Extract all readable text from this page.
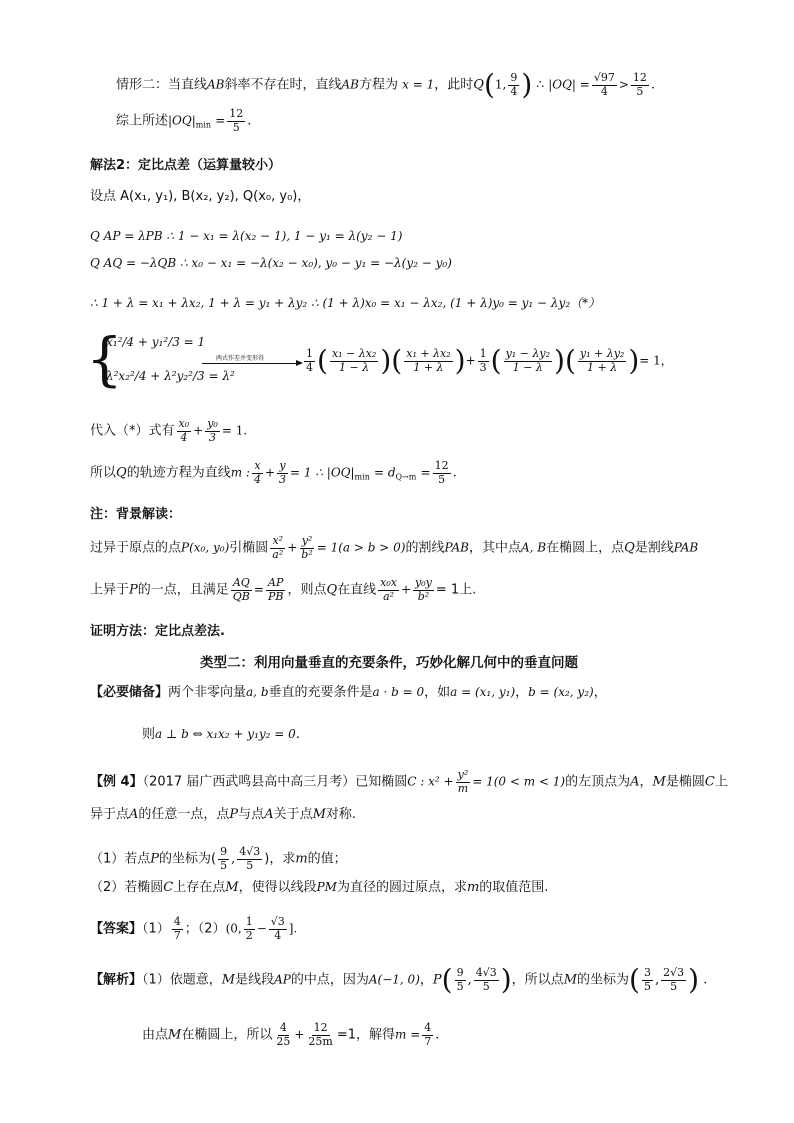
情形二：当直线AB斜率不存在时，直线AB方程为 x = 1，此时Q(1, $\frac{9}{4}$ ) ∴ $|OQ| = \frac{√97}{4} > \frac{12}{5}$ .
综上所述$|OQ|_{min} = \frac{12}{5}$ .
解法2：定比点差（运算量较小）
设点 A(x₁, y₁), B(x₂, y₂), Q(x₀, y₀)，
Q AP = λPB ∴ 1 − x₁ = λ(x₂ − 1), 1 − y₁ = λ(y₂ − 1)
Q AQ = −λQB ∴ x₀ − x₁ = −λ(x₂ − x₀), y₀ − y₁ = −λ(y₂ − y₀)
∴ 1 + λ = x₁ + λx₂, 1 + λ = y₁ + λy₂ ∴ (1 + λ)x₀ = x₁ − λx₂, (1 + λ)y₀ = y₁ − λy₂（*）
{
x₁²/4 + y₁²/3 = 1
λ²x₂²/4 + λ²y₂²/3 = λ²
两式作差并变形得	$\frac{1}{4}$ ( $\frac{\text{x₁ − λx₂}}{1 - \lambda}$ )( $\frac{\text{x₁ + λx₂}}{1 + \lambda}$ )+ $\frac{1}{3}$ ( $\frac{\text{y₁ − λy₂}}{1 - \lambda}$ )( $\frac{\text{y₁ + λy₂}}{1 + \lambda}$ )= 1，
代入（*）式有 $\frac{\text{x₀}}{4} + \frac{\text{y₀}}{3} = 1$.
所以Q的轨迹方程为直线m : $\frac{x}{4} + \frac{y}{3} = 1$ ∴ $|OQ|_{min} = d_{Q\to m} = \frac{12}{5}$ .
注：背景解读：
过异于原点的点P(x₀, y₀)引椭圆 $\frac{\text{x²}}{\text{a²}} + \frac{\text{y²}}{\text{b²}} = 1(a > b > 0)$的割线PAB，其中点A, B在椭圆上，点Q是割线PAB
上异于P的一点，且满足 $\frac{AQ}{QB} = \frac{AP}{PB}$ ，则点Q在直线 $\frac{\text{x₀x}}{\text{a²}} + \frac{\text{y₀y}}{\text{b²}} = 1$上.
证明方法：定比点差法.
类型二：利用向量垂直的充要条件，巧妙化解几何中的垂直问题
【必要储备】两个非零向量a, b垂直的充要条件是a · b = 0，如a = (x₁, y₁)，b = (x₂, y₂)，
则a ⊥ b ⇔ x₁x₂ + y₁y₂ = 0.
【例 4】（2017 届广西武鸣县高中高三月考）已知椭圆C : $x^2 + \frac{\text{y²}}{m} = 1(0 < m < 1)$的左顶点为A，M是椭圆C上
异于点A的任意一点，点P与点A关于点M对称.
（1）若点P的坐标为( $\frac{9}{5}$ , $\frac{4√3}{5}$ )，求m的值；
（2）若椭圆C上存在点M，使得以线段PM为直径的圆过原点，求m的取值范围.
【答案】$(1) \frac{4}{7}$ ；（2）(0, $\frac{1}{2} - \frac{√3}{4}$ ].
【解析】（1）依题意，M是线段AP的中点，因为A(−1, 0)，$P( \frac{9}{5}$ , $\frac{4√3}{5}$ )，所以点M的坐标为( $\frac{3}{5}$ , $\frac{2√3}{5}$ ) .
由点M在椭圆上，所以 $\frac{4}{25} + \frac{12}{25m} =1$，解得$m = \frac{4}{7}$ .
